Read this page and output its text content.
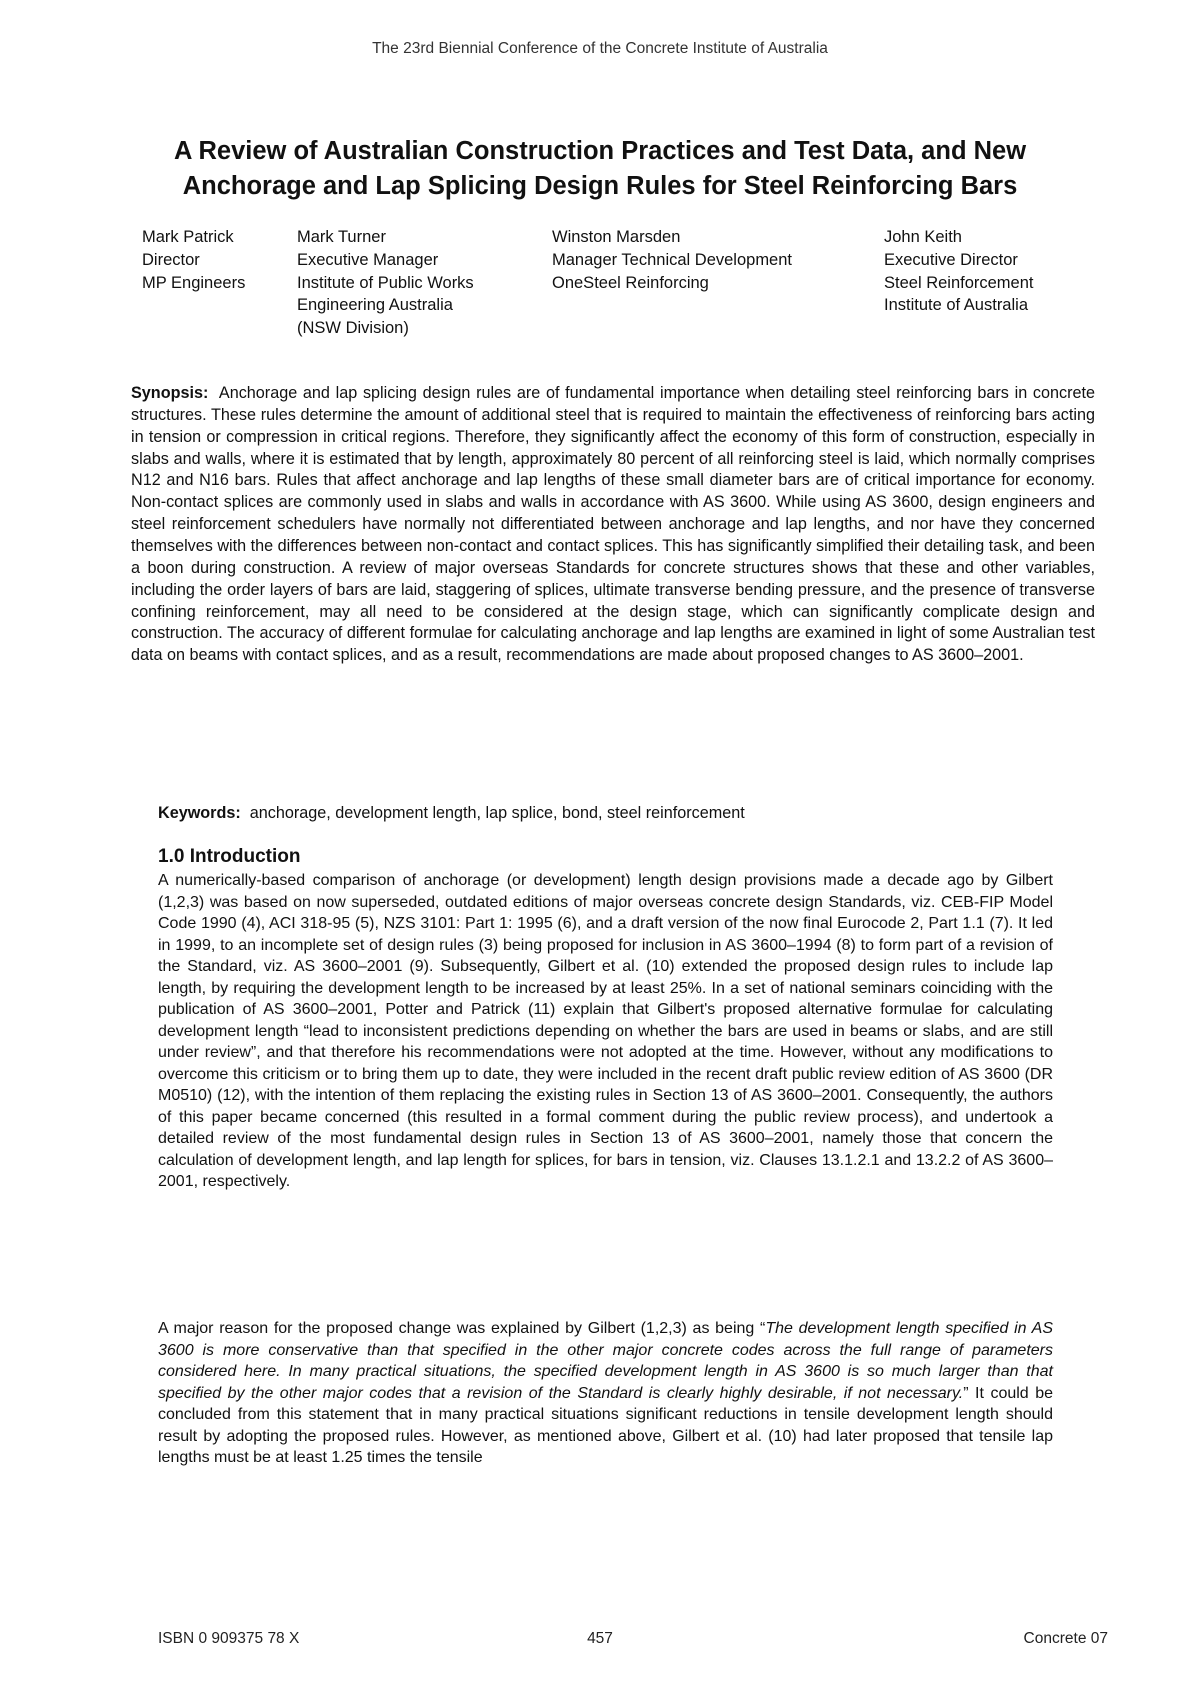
The 23rd Biennial Conference of the Concrete Institute of Australia
A Review of Australian Construction Practices and Test Data, and New
Anchorage and Lap Splicing Design Rules for Steel Reinforcing Bars
Mark Patrick
Director
MP Engineers
Mark Turner
Executive Manager
Institute of Public Works
Engineering Australia
(NSW Division)
Winston Marsden
Manager Technical Development
OneSteel Reinforcing
John Keith
Executive Director
Steel Reinforcement
Institute of Australia
Synopsis: Anchorage and lap splicing design rules are of fundamental importance when detailing steel reinforcing bars in concrete structures. These rules determine the amount of additional steel that is required to maintain the effectiveness of reinforcing bars acting in tension or compression in critical regions. Therefore, they significantly affect the economy of this form of construction, especially in slabs and walls, where it is estimated that by length, approximately 80 percent of all reinforcing steel is laid, which normally comprises N12 and N16 bars. Rules that affect anchorage and lap lengths of these small diameter bars are of critical importance for economy. Non-contact splices are commonly used in slabs and walls in accordance with AS 3600. While using AS 3600, design engineers and steel reinforcement schedulers have normally not differentiated between anchorage and lap lengths, and nor have they concerned themselves with the differences between non-contact and contact splices. This has significantly simplified their detailing task, and been a boon during construction. A review of major overseas Standards for concrete structures shows that these and other variables, including the order layers of bars are laid, staggering of splices, ultimate transverse bending pressure, and the presence of transverse confining reinforcement, may all need to be considered at the design stage, which can significantly complicate design and construction. The accuracy of different formulae for calculating anchorage and lap lengths are examined in light of some Australian test data on beams with contact splices, and as a result, recommendations are made about proposed changes to AS 3600–2001.
Keywords: anchorage, development length, lap splice, bond, steel reinforcement
1.0 Introduction
A numerically-based comparison of anchorage (or development) length design provisions made a decade ago by Gilbert (1,2,3) was based on now superseded, outdated editions of major overseas concrete design Standards, viz. CEB-FIP Model Code 1990 (4), ACI 318-95 (5), NZS 3101: Part 1: 1995 (6), and a draft version of the now final Eurocode 2, Part 1.1 (7). It led in 1999, to an incomplete set of design rules (3) being proposed for inclusion in AS 3600–1994 (8) to form part of a revision of the Standard, viz. AS 3600–2001 (9). Subsequently, Gilbert et al. (10) extended the proposed design rules to include lap length, by requiring the development length to be increased by at least 25%. In a set of national seminars coinciding with the publication of AS 3600–2001, Potter and Patrick (11) explain that Gilbert's proposed alternative formulae for calculating development length “lead to inconsistent predictions depending on whether the bars are used in beams or slabs, and are still under review”, and that therefore his recommendations were not adopted at the time. However, without any modifications to overcome this criticism or to bring them up to date, they were included in the recent draft public review edition of AS 3600 (DR M0510) (12), with the intention of them replacing the existing rules in Section 13 of AS 3600–2001. Consequently, the authors of this paper became concerned (this resulted in a formal comment during the public review process), and undertook a detailed review of the most fundamental design rules in Section 13 of AS 3600–2001, namely those that concern the calculation of development length, and lap length for splices, for bars in tension, viz. Clauses 13.1.2.1 and 13.2.2 of AS 3600–2001, respectively.
A major reason for the proposed change was explained by Gilbert (1,2,3) as being “The development length specified in AS 3600 is more conservative than that specified in the other major concrete codes across the full range of parameters considered here. In many practical situations, the specified development length in AS 3600 is so much larger than that specified by the other major codes that a revision of the Standard is clearly highly desirable, if not necessary.” It could be concluded from this statement that in many practical situations significant reductions in tensile development length should result by adopting the proposed rules. However, as mentioned above, Gilbert et al. (10) had later proposed that tensile lap lengths must be at least 1.25 times the tensile
ISBN 0 909375 78 X	457	Concrete 07
